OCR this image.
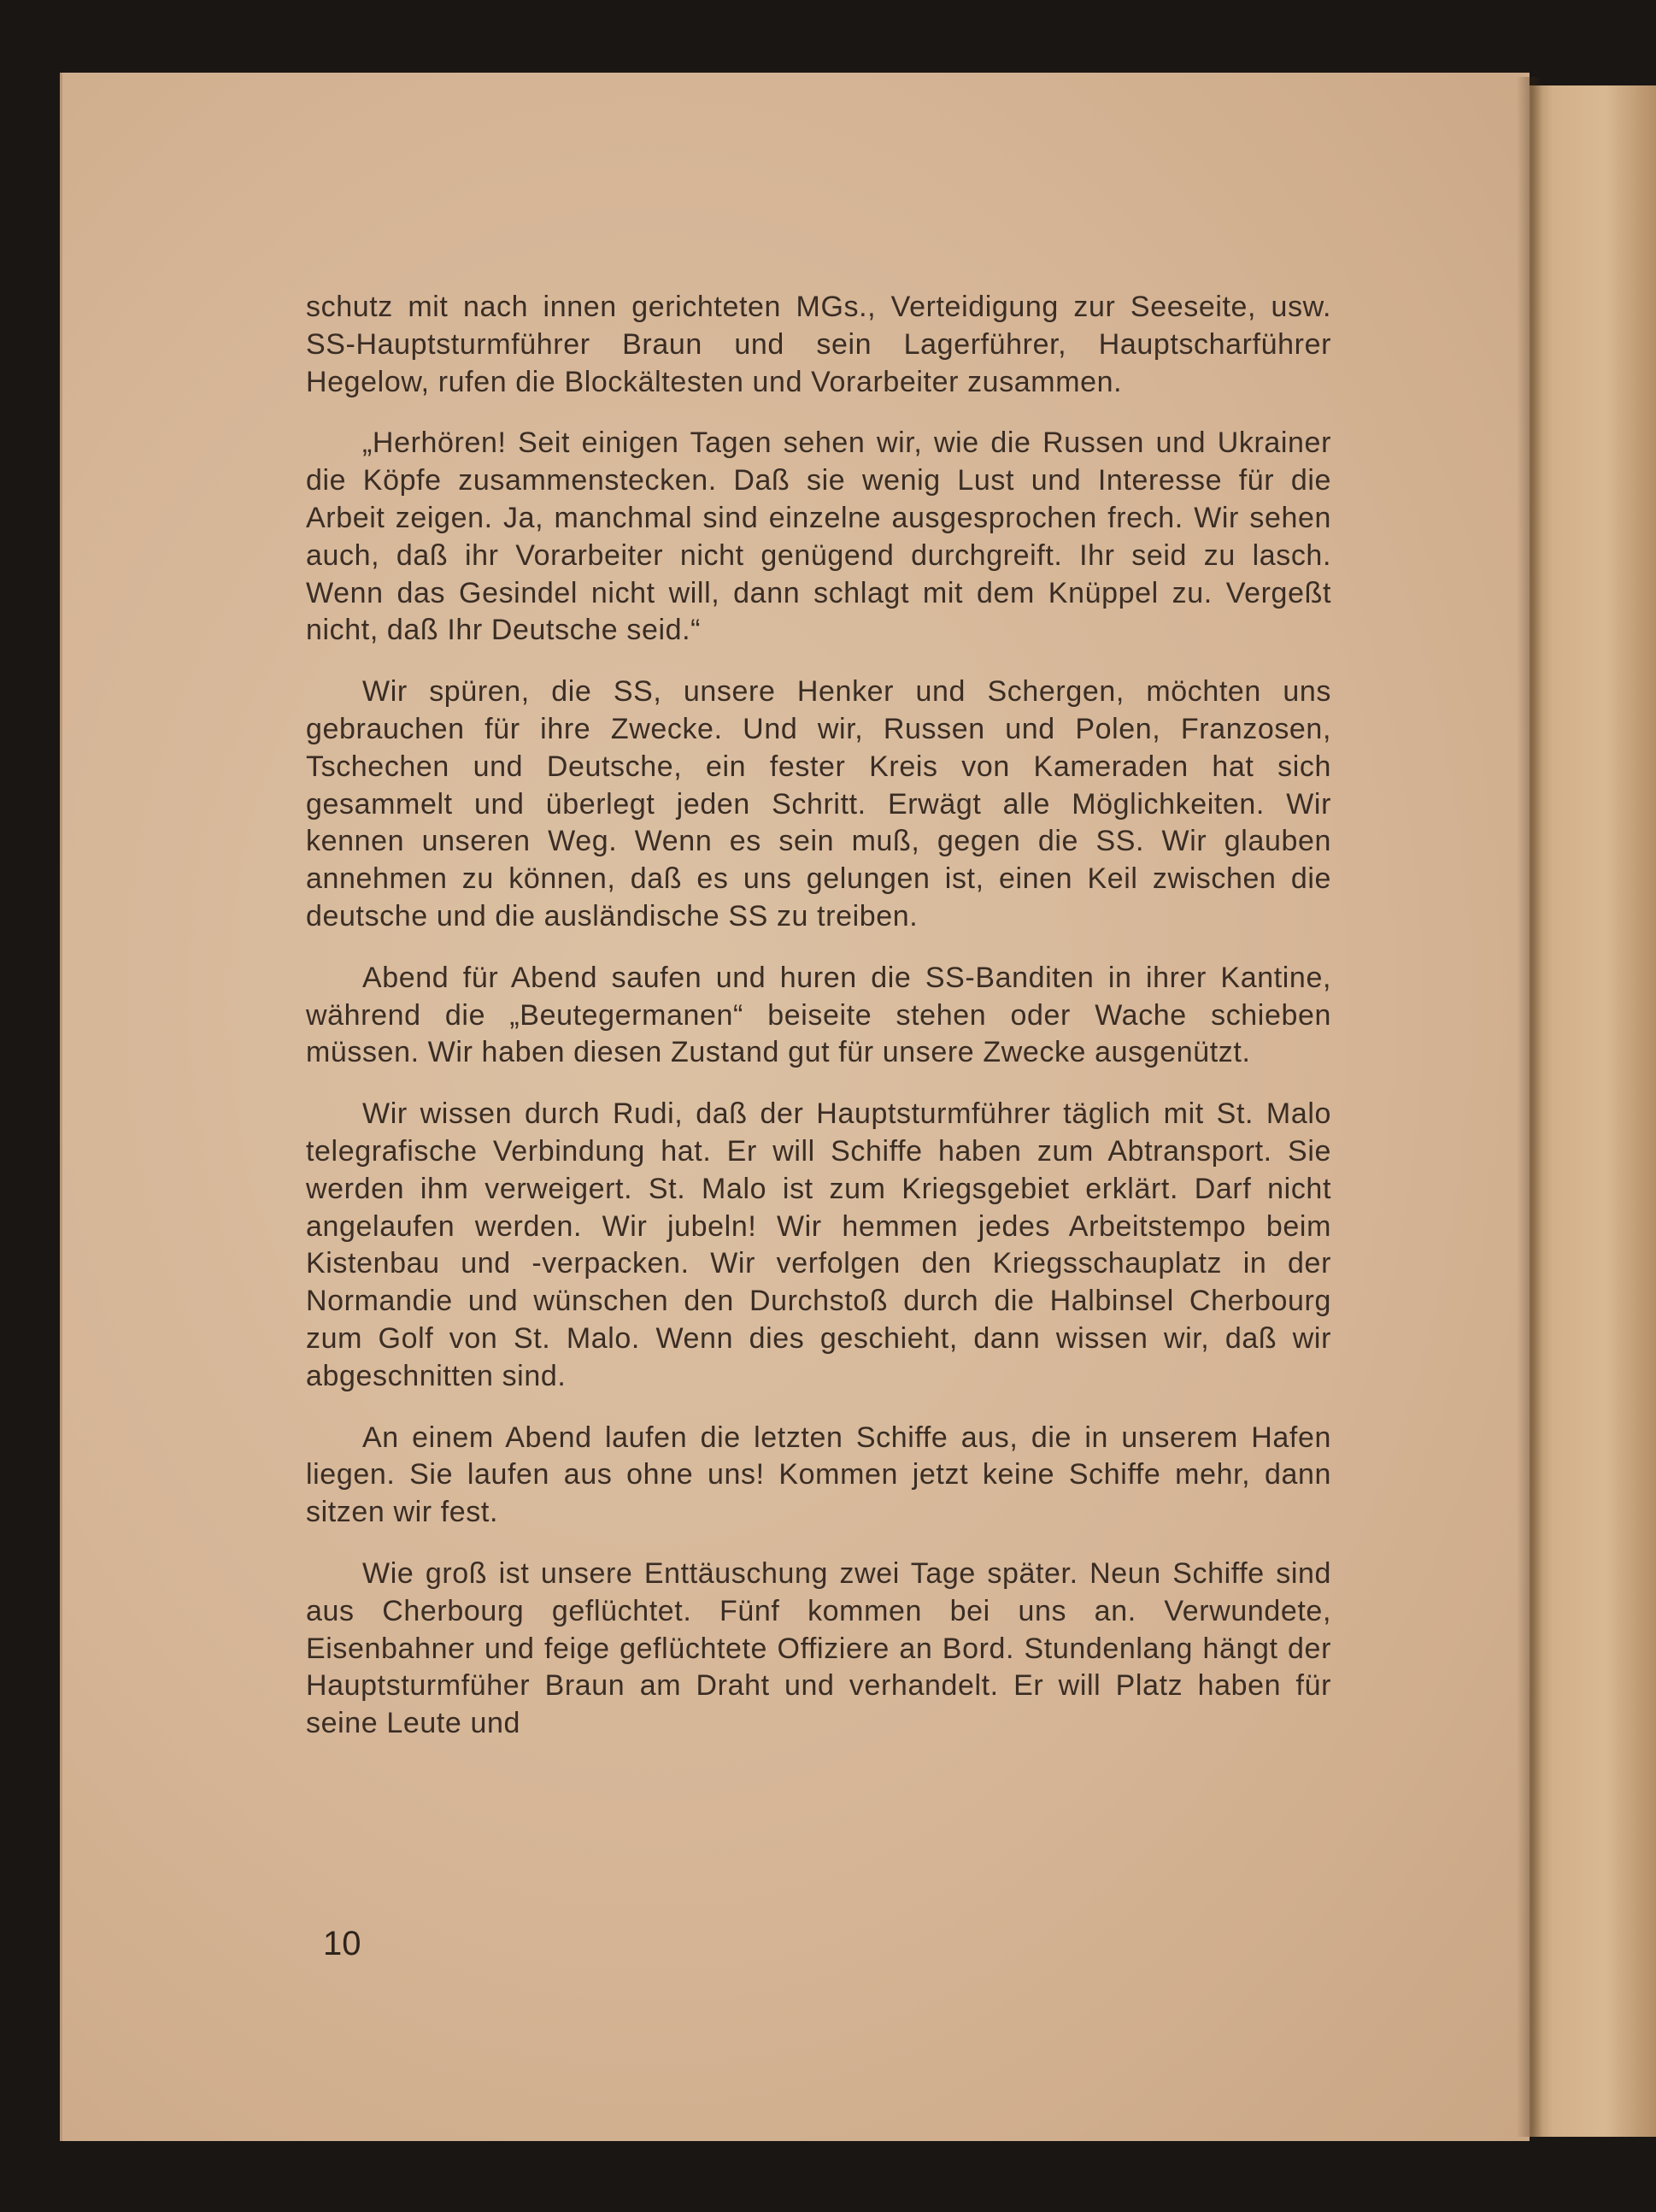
schutz mit nach innen gerichteten MGs., Verteidigung zur Seeseite, usw. SS-Hauptsturmführer Braun und sein Lagerführer, Hauptscharführer Hegelow, rufen die Blockältesten und Vorarbeiter zusammen.

„Herhören! Seit einigen Tagen sehen wir, wie die Russen und Ukrainer die Köpfe zusammenstecken. Daß sie wenig Lust und Interesse für die Arbeit zeigen. Ja, manchmal sind einzelne ausgesprochen frech. Wir sehen auch, daß ihr Vorarbeiter nicht genügend durchgreift. Ihr seid zu lasch. Wenn das Gesindel nicht will, dann schlagt mit dem Knüppel zu. Vergeßt nicht, daß Ihr Deutsche seid.“

Wir spüren, die SS, unsere Henker und Schergen, möchten uns gebrauchen für ihre Zwecke. Und wir, Russen und Polen, Franzosen, Tschechen und Deutsche, ein fester Kreis von Kameraden hat sich gesammelt und überlegt jeden Schritt. Erwägt alle Möglichkeiten. Wir kennen unseren Weg. Wenn es sein muß, gegen die SS. Wir glauben annehmen zu können, daß es uns gelungen ist, einen Keil zwischen die deutsche und die ausländische SS zu treiben.

Abend für Abend saufen und huren die SS-Banditen in ihrer Kantine, während die „Beutegermanen“ beiseite stehen oder Wache schieben müssen. Wir haben diesen Zustand gut für unsere Zwecke ausgenützt.

Wir wissen durch Rudi, daß der Hauptsturmführer täglich mit St. Malo telegrafische Verbindung hat. Er will Schiffe haben zum Abtransport. Sie werden ihm verweigert. St. Malo ist zum Kriegsgebiet erklärt. Darf nicht angelaufen werden. Wir jubeln! Wir hemmen jedes Arbeitstempo beim Kistenbau und -verpacken. Wir verfolgen den Kriegsschauplatz in der Normandie und wünschen den Durchstoß durch die Halbinsel Cherbourg zum Golf von St. Malo. Wenn dies geschieht, dann wissen wir, daß wir abgeschnitten sind.

An einem Abend laufen die letzten Schiffe aus, die in unserem Hafen liegen. Sie laufen aus ohne uns! Kommen jetzt keine Schiffe mehr, dann sitzen wir fest.

Wie groß ist unsere Enttäuschung zwei Tage später. Neun Schiffe sind aus Cherbourg geflüchtet. Fünf kommen bei uns an. Verwundete, Eisenbahner und feige geflüchtete Offiziere an Bord. Stundenlang hängt der Hauptsturmfüher Braun am Draht und verhandelt. Er will Platz haben für seine Leute und

10
